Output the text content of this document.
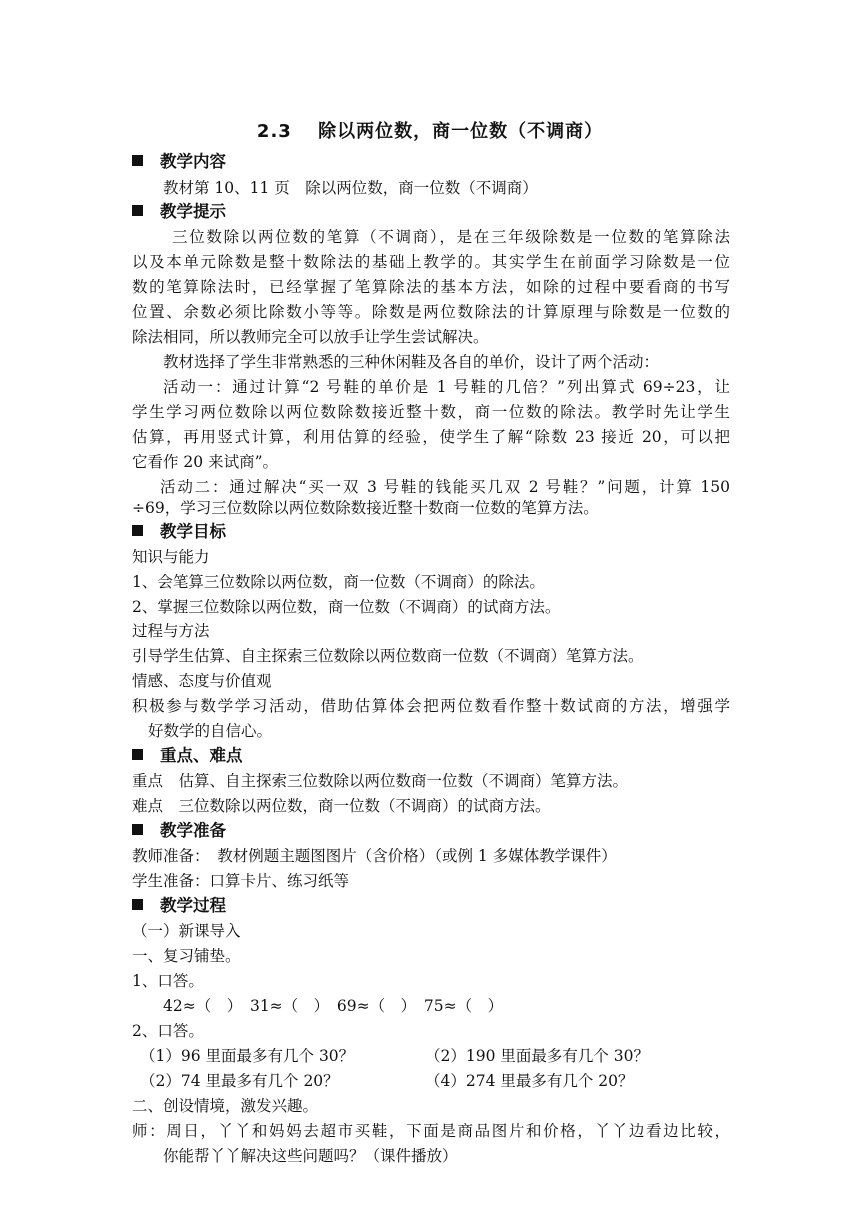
2.3　 除以两位数，商一位数（不调商）
教学内容
教材第 10、11 页　除以两位数，商一位数（不调商）
教学提示
三位数除以两位数的笔算（不调商），是在三年级除数是一位数的笔算除法
以及本单元除数是整十数除法的基础上教学的。其实学生在前面学习除数是一位
数的笔算除法时，已经掌握了笔算除法的基本方法，如除的过程中要看商的书写
位置、余数必须比除数小等等。除数是两位数除法的计算原理与除数是一位数的
除法相同，所以教师完全可以放手让学生尝试解决。
教材选择了学生非常熟悉的三种休闲鞋及各自的单价，设计了两个活动：
活动一：通过计算“2 号鞋的单价是 1 号鞋的几倍？”列出算式 69÷23，让
学生学习两位数除以两位数除数接近整十数，商一位数的除法。教学时先让学生
估算，再用竖式计算，利用估算的经验，使学生了解“除数 23 接近 20，可以把
它看作 20 来试商”。
活动二：通过解决“买一双 3 号鞋的钱能买几双 2 号鞋？”问题，计算 150
÷69，学习三位数除以两位数除数接近整十数商一位数的笔算方法。
教学目标
知识与能力
1、会笔算三位数除以两位数，商一位数（不调商）的除法。
2、掌握三位数除以两位数，商一位数（不调商）的试商方法。
过程与方法
引导学生估算、自主探索三位数除以两位数商一位数（不调商）笔算方法。
情感、态度与价值观
积极参与数学学习活动，借助估算体会把两位数看作整十数试商的方法，增强学
好数学的自信心。
重点、难点
重点　估算、自主探索三位数除以两位数商一位数（不调商）笔算方法。
难点　三位数除以两位数，商一位数（不调商）的试商方法。
教学准备
教师准备：　教材例题主题图图片（含价格）（或例 1 多媒体教学课件）
学生准备：口算卡片、练习纸等
教学过程
（一）新课导入
一、复习铺垫。
1、口答。
42≈（　）　31≈（　）　69≈（　）　75≈（　）
2、口答。
（1）96 里面最多有几个 30？	（2）190 里面最多有几个 30？
（2）74 里最多有几个 20？	（4）274 里最多有几个 20？
二、创设情境，激发兴趣。
师：周日，丫丫和妈妈去超市买鞋，下面是商品图片和价格，丫丫边看边比较，
你能帮丫丫解决这些问题吗？（课件播放）
